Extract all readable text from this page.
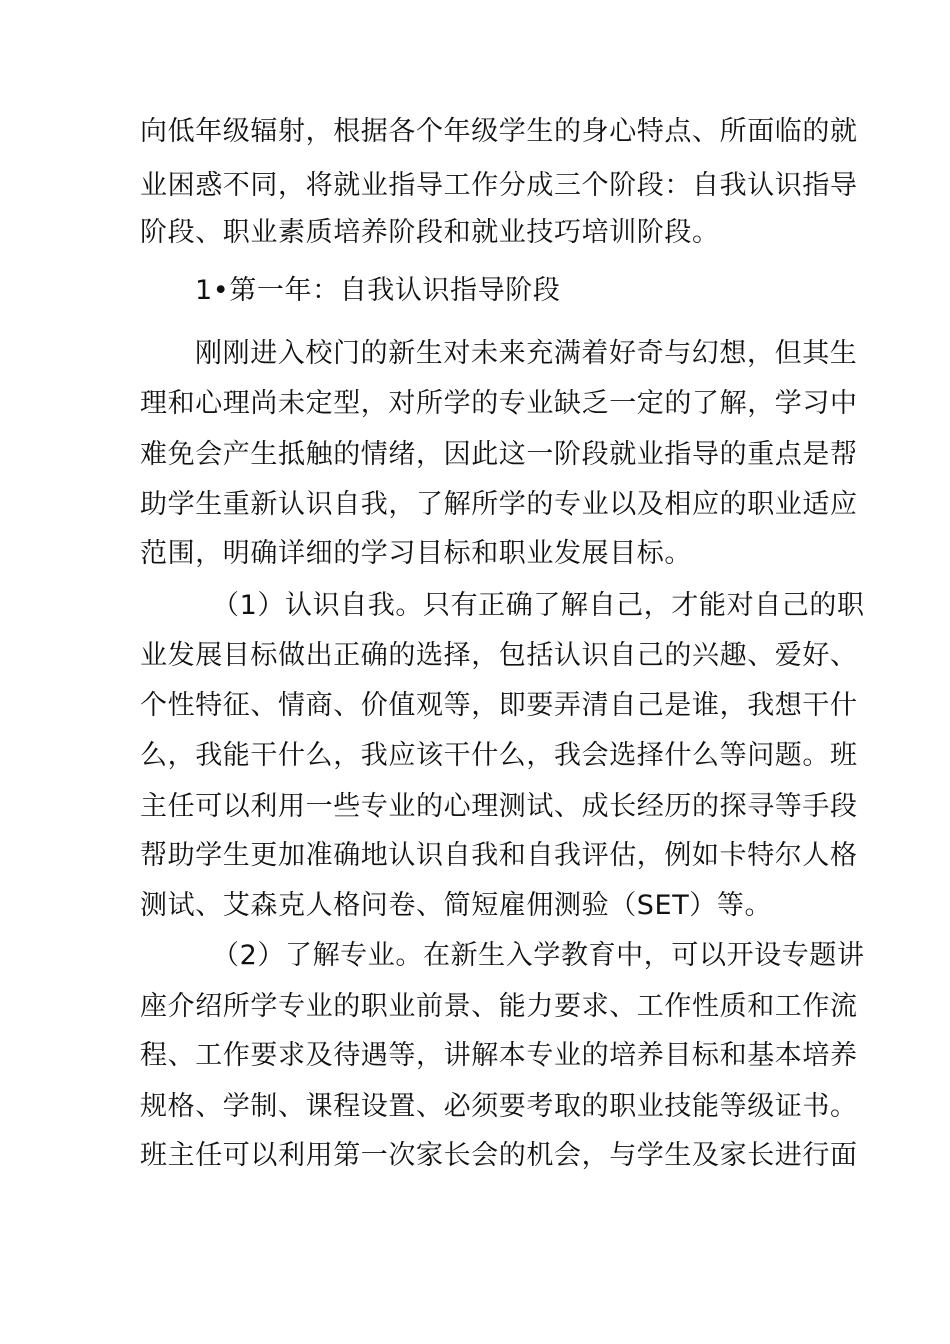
向低年级辐射，根据各个年级学生的身心特点、所面临的就
业困惑不同，将就业指导工作分成三个阶段：自我认识指导
阶段、职业素质培养阶段和就业技巧培训阶段。
1•第一年：自我认识指导阶段
刚刚进入校门的新生对未来充满着好奇与幻想，但其生
理和心理尚未定型，对所学的专业缺乏一定的了解，学习中
难免会产生抵触的情绪，因此这一阶段就业指导的重点是帮
助学生重新认识自我，了解所学的专业以及相应的职业适应
范围，明确详细的学习目标和职业发展目标。
（1）认识自我。只有正确了解自己，才能对自己的职
业发展目标做出正确的选择，包括认识自己的兴趣、爱好、
个性特征、情商、价值观等，即要弄清自己是谁，我想干什
么，我能干什么，我应该干什么，我会选择什么等问题。班
主任可以利用一些专业的心理测试、成长经历的探寻等手段
帮助学生更加准确地认识自我和自我评估，例如卡特尔人格
测试、艾森克人格问卷、简短雇佣测验（SET）等。
（2）了解专业。在新生入学教育中，可以开设专题讲
座介绍所学专业的职业前景、能力要求、工作性质和工作流
程、工作要求及待遇等，讲解本专业的培养目标和基本培养
规格、学制、课程设置、必须要考取的职业技能等级证书。
班主任可以利用第一次家长会的机会，与学生及家长进行面
